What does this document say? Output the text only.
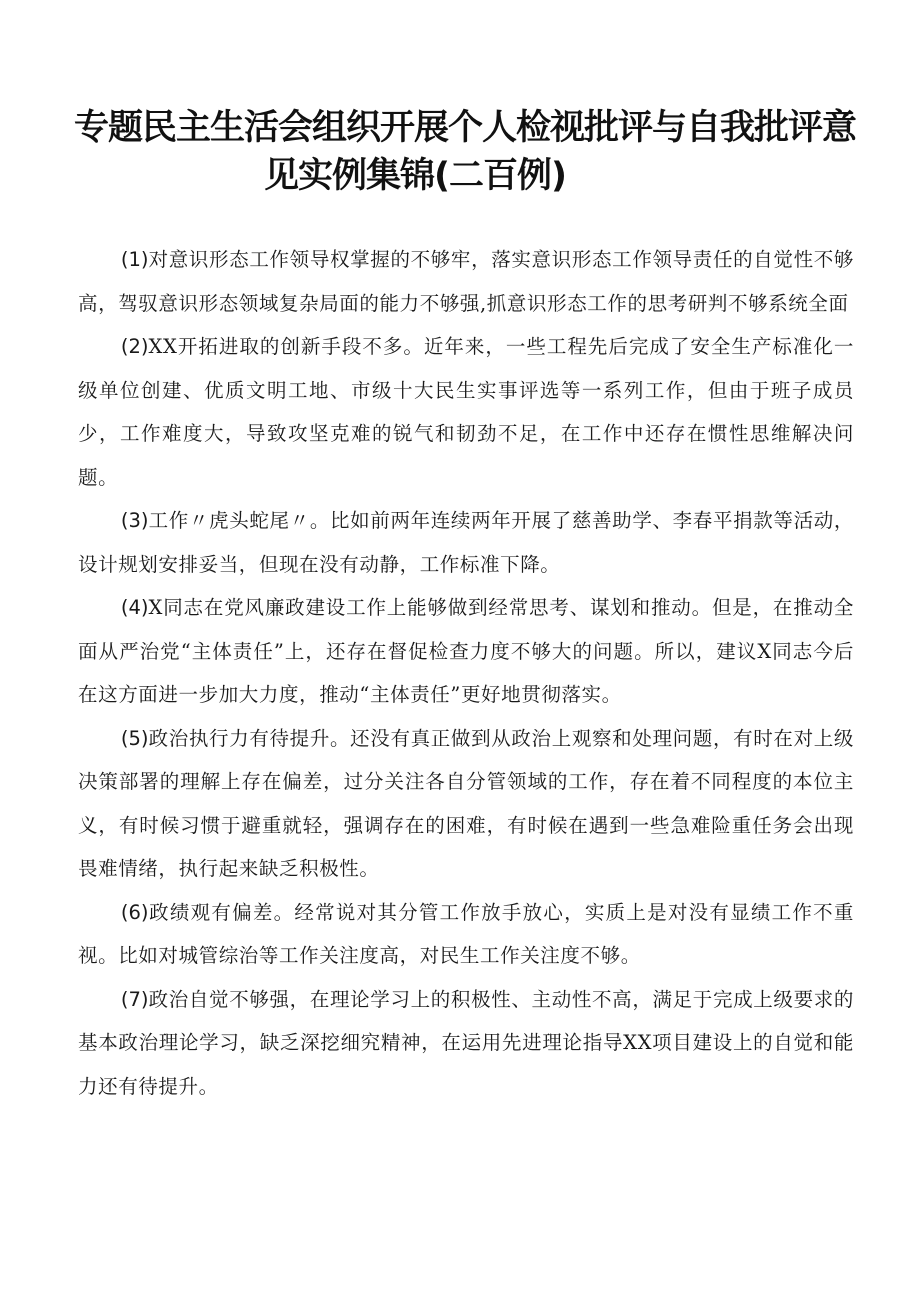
专题民主生活会组织开展个人检视批评与自我批评意
见实例集锦(二百例)

(1)对意识形态工作领导权掌握的不够牢，落实意识形态工作领导责任的自觉性不够高，驾驭意识形态领域复杂局面的能力不够强,抓意识形态工作的思考研判不够系统全面

(2)XX开拓进取的创新手段不多。近年来，一些工程先后完成了安全生产标准化一级单位创建、优质文明工地、市级十大民生实事评选等一系列工作，但由于班子成员少，工作难度大，导致攻坚克难的锐气和韧劲不足，在工作中还存在惯性思维解决问题。

(3)工作〃虎头蛇尾〃。比如前两年连续两年开展了慈善助学、李春平捐款等活动，设计规划安排妥当，但现在没有动静，工作标准下降。

(4)X同志在党风廉政建设工作上能够做到经常思考、谋划和推动。但是，在推动全面从严治党“主体责任”上，还存在督促检查力度不够大的问题。所以，建议X同志今后在这方面进一步加大力度，推动“主体责任”更好地贯彻落实。

(5)政治执行力有待提升。还没有真正做到从政治上观察和处理问题，有时在对上级决策部署的理解上存在偏差，过分关注各自分管领域的工作，存在着不同程度的本位主义，有时候习惯于避重就轻，强调存在的困难，有时候在遇到一些急难险重任务会出现畏难情绪，执行起来缺乏积极性。

(6)政绩观有偏差。经常说对其分管工作放手放心，实质上是对没有显绩工作不重视。比如对城管综治等工作关注度高，对民生工作关注度不够。

(7)政治自觉不够强，在理论学习上的积极性、主动性不高，满足于完成上级要求的基本政治理论学习，缺乏深挖细究精神，在运用先进理论指导XX项目建设上的自觉和能力还有待提升。
